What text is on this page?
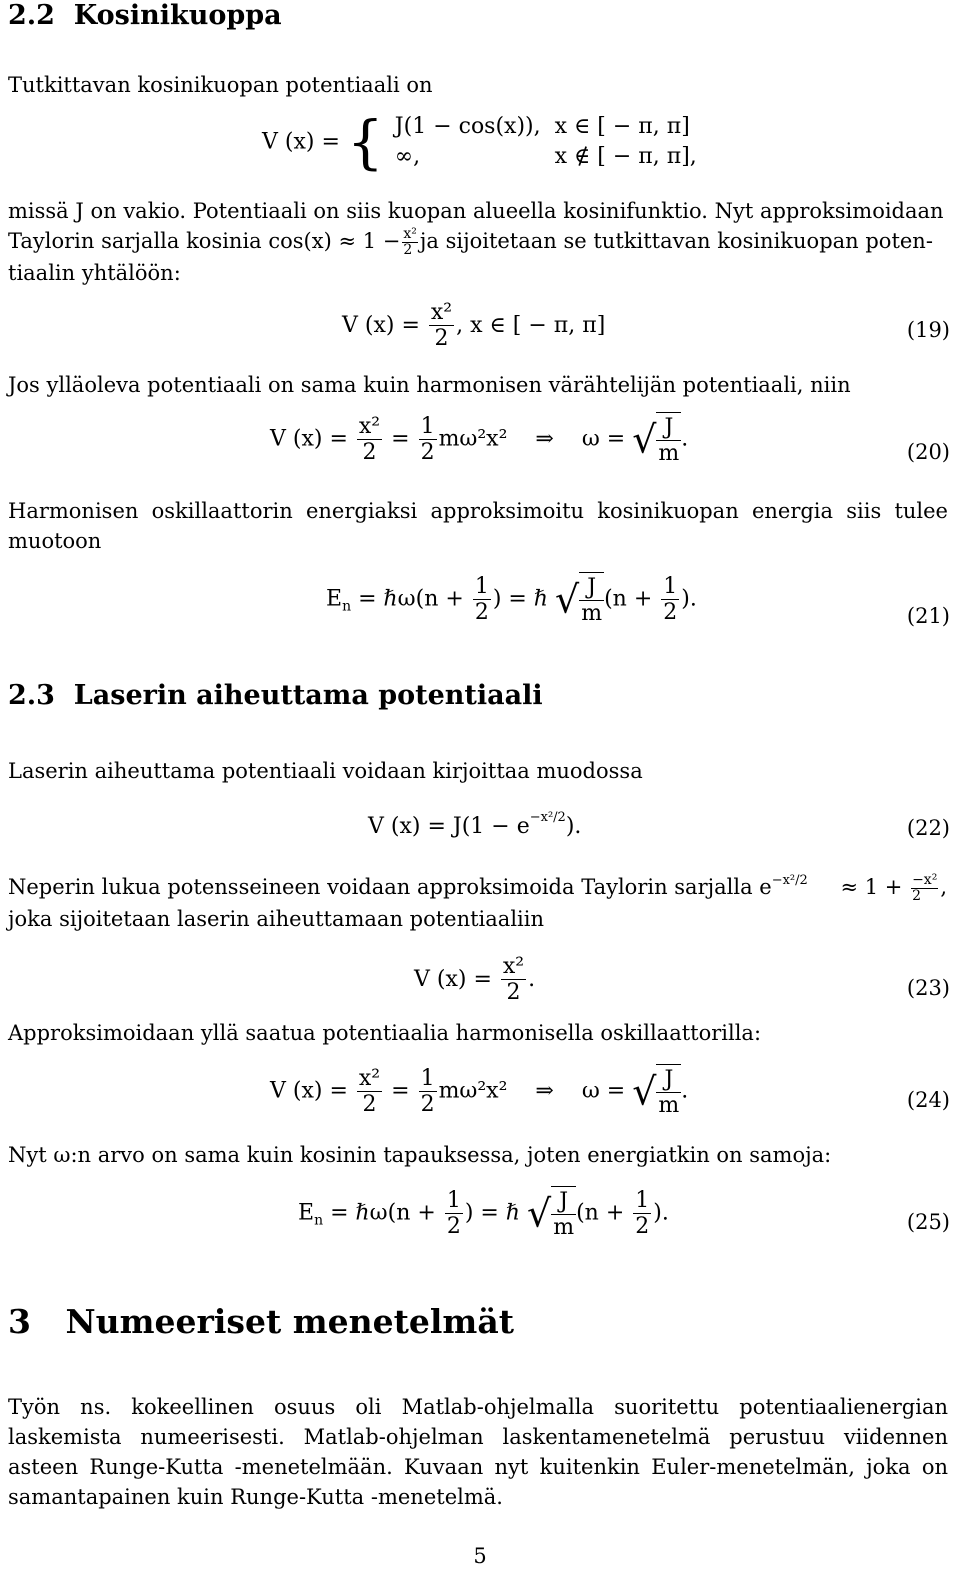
2.2 Kosinikuoppa
Tutkittavan kosinikuopan potentiaali on
V (x) = { J(1 − cos(x)),	x ∈ [ − π, π]
∞,	x ∉ [ − π, π],
missä J on vakio. Potentiaali on siis kuopan alueella kosinifunktio. Nyt approksimoidaan
Taylorin sarjalla kosinia $\cos(x) \approx 1 - \frac{\text{x²}}{2}$ ja sijoitetaan se tutkittavan kosinikuopan poten-
tiaalin yhtälöön:
V $(x) = \frac{\text{x²}}{2}$ , x ∈ [ − π, π]	(19)
Jos ylläoleva potentiaali on sama kuin harmonisen värähtelijän potentiaali, niin
V $(x) = \frac{\text{x²}}{2} = \frac{1}{2} m\omega^2x^2$ ⇒ ω = √ $\frac{J}{m}$ .
(20)
Harmonisen oskillaattorin energiaksi approksimoitu kosinikuopan energia siis tulee muotoon
$E_n$ = ℏω(n + $\frac{1}{2}$ ) = ℏ √ $\frac{J}{m} (n + \frac{1}{2}$ ).
(21)
2.3 Laserin aiheuttama potentiaali
Laserin aiheuttama potentiaali voidaan kirjoittaa muodossa
V $(x) = J(1 - e^{-x^2/2})$.	(22)
Neperin lukua potensseineen voidaan approksimoida Taylorin sarjalla $e^{-x^2/2} \approx 1 + \frac{\text{−x²}}{2}$ ,
joka sijoitetaan laserin aiheuttamaan potentiaaliin
V $(x) = \frac{\text{x²}}{2}$ .	(23)
Approksimoidaan yllä saatua potentiaalia harmonisella oskillaattorilla:
V $(x) = \frac{\text{x²}}{2} = \frac{1}{2} m\omega^2x^2$ ⇒ ω = √ $\frac{J}{m}$ .	(24)
Nyt ω:n arvo on sama kuin kosinin tapauksessa, joten energiatkin on samoja:
$E_n$ = ℏω(n + $\frac{1}{2}$ ) = ℏ √ $\frac{J}{m} (n + \frac{1}{2}$ ).	(25)
3 Numeeriset menetelmät
Työn ns. kokeellinen osuus oli Matlab-ohjelmalla suoritettu potentiaalienergian laskemista numeerisesti. Matlab-ohjelman laskentamenetelmä perustuu viidennen asteen Runge-Kutta -menetelmään. Kuvaan nyt kuitenkin Euler-menetelmän, joka on samantapainen kuin Runge-Kutta -menetelmä.
5
